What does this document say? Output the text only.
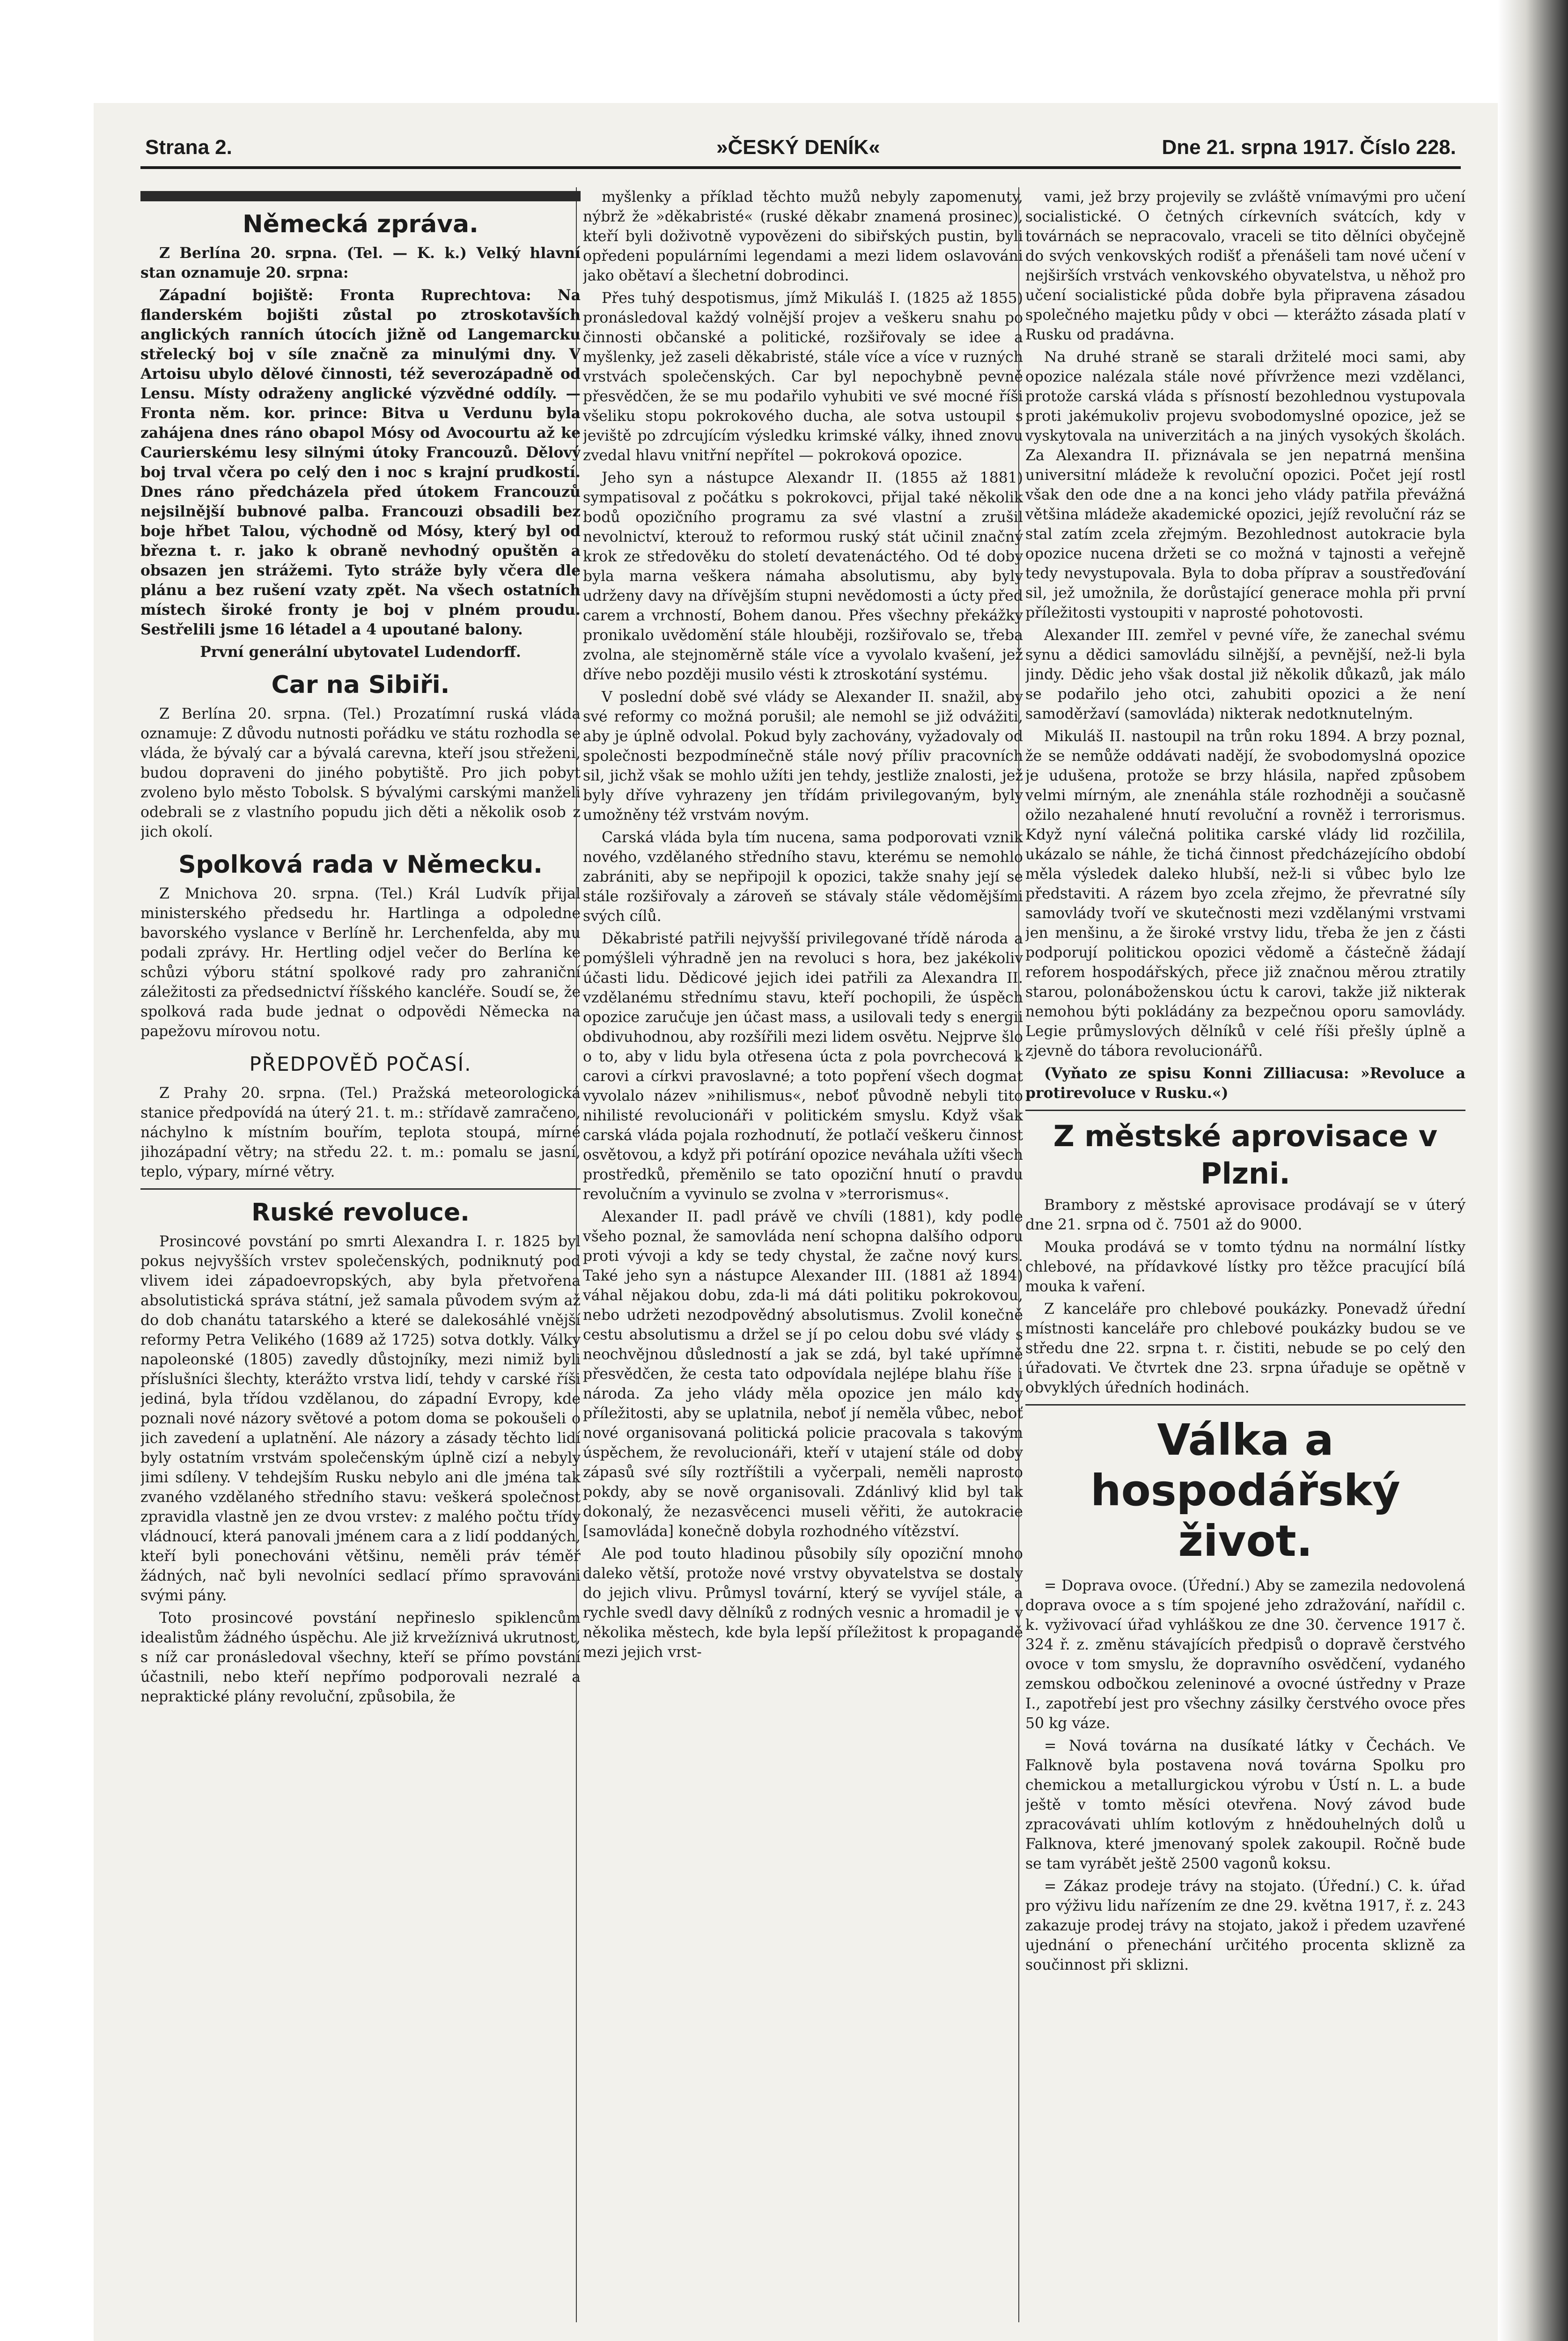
Strana 2.	»ČESKÝ DENÍK«	Dne 21. srpna 1917. Číslo 228.
Německá zpráva.

Z Berlína 20. srpna. (Tel. — K. k.) Velký hlavní stan oznamuje 20. srpna:

Západní bojiště: Fronta Ruprechtova: Na flanderském bojišti zůstal po ztroskotavších anglických ranních útocích jižně od Langemarcku střelecký boj v síle značně za minulými dny. V Artoisu ubylo dělové činnosti, též severozápadně od Lensu. Místy odraženy anglické výzvědné oddíly. — Fronta něm. kor. prince: Bitva u Verdunu byla zahájena dnes ráno obapol Mósy od Avocourtu až ke Caurierskému lesy silnými útoky Francouzů. Dělový boj trval včera po celý den i noc s krajní prudkostí. Dnes ráno předcházela před útokem Francouzů nejsilnější bubnové palba. Francouzi obsadili bez boje hřbet Talou, východně od Mósy, který byl od března t. r. jako k obraně nevhodný opuštěn a obsazen jen strážemi. Tyto stráže byly včera dle plánu a bez rušení vzaty zpět. Na všech ostatních místech široké fronty je boj v plném proudu. Sestřelili jsme 16 létadel a 4 upoutané balony.

První generální ubytovatel Ludendorff.

Car na Sibiři.

Z Berlína 20. srpna. (Tel.) Prozatímní ruská vláda oznamuje: Z důvodu nutnosti pořádku ve státu rozhodla se vláda, že bývalý car a bývalá carevna, kteří jsou střeženi, budou dopraveni do jiného pobytiště. Pro jich pobyt zvoleno bylo město Tobolsk. S bývalými carskými manželi odebrali se z vlastního popudu jich děti a několik osob z jich okolí.

Spolková rada v Německu.

Z Mnichova 20. srpna. (Tel.) Král Ludvík přijal ministerského předsedu hr. Hartlinga a odpoledne bavorského vyslance v Berlíně hr. Lerchenfelda, aby mu podali zprávy. Hr. Hertling odjel večer do Berlína ke schůzi výboru státní spolkové rady pro zahraniční záležitosti za předsednictví říšského kancléře. Soudí se, že spolková rada bude jednat o odpovědi Německa na papežovu mírovou notu.

PŘEDPOVĚĎ POČASÍ.

Z Prahy 20. srpna. (Tel.) Pražská meteorologická stanice předpovídá na úterý 21. t. m.: střídavě zamračeno, náchylno k místním bouřím, teplota stoupá, mírné jihozápadní větry; na středu 22. t. m.: pomalu se jasní, teplo, výpary, mírné větry.

Ruské revoluce.

Prosincové povstání po smrti Alexandra I. r. 1825 byl pokus nejvyšších vrstev společenských, podniknutý pod vlivem idei západoevropských, aby byla přetvořena absolutistická správa státní, jež samala původem svým až do dob chanátu tatarského a které se dalekosáhlé vnější reformy Petra Velikého (1689 až 1725) sotva dotkly. Války napoleonské (1805) zavedly důstojníky, mezi nimiž byli příslušníci šlechty, kterážto vrstva lidí, tehdy v carské říši jediná, byla třídou vzdělanou, do západní Evropy, kde poznali nové názory světové a potom doma se pokoušeli o jich zavedení a uplatnění. Ale názory a zásady těchto lidí byly ostatním vrstvám společenským úplně cizí a nebyly jimi sdíleny. V tehdejším Rusku nebylo ani dle jména tak zvaného vzdělaného středního stavu: veškerá společnost zpravidla vlastně jen ze dvou vrstev: z malého počtu třídy vládnoucí, která panovali jménem cara a z lidí poddaných, kteří byli ponechováni většinu, neměli práv téměř žádných, nač byli nevolníci sedlací přímo spravováni svými pány.

Toto prosincové povstání nepřineslo spiklencům idealistům žádného úspěchu. Ale již krvežíznivá ukrutnost, s níž car pronásledoval všechny, kteří se přímo povstání účastnili, nebo kteří nepřímo podporovali nezralé a nepraktické plány revoluční, způsobila, že

myšlenky a příklad těchto mužů nebyly zapomenuty, nýbrž že »děkabristé« (ruské děkabr znamená prosinec), kteří byli doživotně vypovězeni do sibiřských pustin, byli opředeni populárními legendami a mezi lidem oslavováni jako obětaví a šlechetní dobrodinci.

Přes tuhý despotismus, jímž Mikuláš I. (1825 až 1855) pronásledoval každý volnější projev a veškeru snahu po činnosti občanské a politické, rozšiřovaly se idee a myšlenky, jež zaseli děkabristé, stále více a více v ruzných vrstvách společenských. Car byl nepochybně pevně přesvědčen, že se mu podařilo vyhubiti ve své mocné říši všeliku stopu pokrokového ducha, ale sotva ustoupil s jeviště po zdrcujícím výsledku krimské války, ihned znovu zvedal hlavu vnitřní nepřítel — pokroková opozice.

Jeho syn a nástupce Alexandr II. (1855 až 1881) sympatisoval z počátku s pokrokovci, přijal také několik bodů opozičního programu za své vlastní a zrušil nevolnictví, kterouž to reformou ruský stát učinil značný krok ze středověku do století devatenáctého. Od té doby byla marna veškera námaha absolutismu, aby byly udrženy davy na dřívějším stupni nevědomosti a úcty před carem a vrchností, Bohem danou. Přes všechny překážky pronikalo uvědomění stále hlouběji, rozšiřovalo se, třeba zvolna, ale stejnoměrně stále více a vyvolalo kvašení, jež dříve nebo později musilo vésti k ztroskotání systému.

V poslední době své vlády se Alexander II. snažil, aby své reformy co možná porušil; ale nemohl se již odvážiti, aby je úplně odvolal. Pokud byly zachovány, vyžadovaly od společnosti bezpodmínečně stále nový příliv pracovních sil, jichž však se mohlo užíti jen tehdy, jestliže znalosti, jež byly dříve vyhrazeny jen třídám privilegovaným, byly umožněny též vrstvám novým.

Carská vláda byla tím nucena, sama podporovati vznik nového, vzdělaného středního stavu, kterému se nemohlo zabrániti, aby se nepřipojil k opozici, takže snahy její se stále rozšiřovaly a zároveň se stávaly stále vědomějšími svých cílů.

Děkabristé patřili nejvyšší privilegované třídě národa a pomýšleli výhradně jen na revoluci s hora, bez jakékoliv účasti lidu. Dědicové jejich idei patřili za Alexandra II. vzdělanému střednímu stavu, kteří pochopili, že úspěch opozice zaručuje jen účast mass, a usilovali tedy s energii obdivuhodnou, aby rozšířili mezi lidem osvětu. Nejprve šlo o to, aby v lidu byla otřesena úcta z pola povrchecová k carovi a církvi pravoslavné; a toto popření všech dogmat vyvolalo název »nihilismus«, neboť původně nebyli tito nihilisté revolucionáři v politickém smyslu. Když však carská vláda pojala rozhodnutí, že potlačí veškeru činnost osvětovou, a když při potírání opozice neváhala užíti všech prostředků, přeměnilo se tato opoziční hnutí o pravdu revolučním a vyvinulo se zvolna v »terrorismus«.

Alexander II. padl právě ve chvíli (1881), kdy podle všeho poznal, že samovláda není schopna dalšího odporu proti vývoji a kdy se tedy chystal, že začne nový kurs. Také jeho syn a nástupce Alexander III. (1881 až 1894) váhal nějakou dobu, zda-li má dáti politiku pokrokovou, nebo udržeti nezodpovědný absolutismus. Zvolil konečně cestu absolutismu a držel se jí po celou dobu své vlády s neochvějnou důsledností a jak se zdá, byl také upřímně přesvědčen, že cesta tato odpovídala nejlépe blahu říše i národa. Za jeho vlády měla opozice jen málo kdy příležitosti, aby se uplatnila, neboť jí neměla vůbec, neboť nové organisovaná politická policie pracovala s takovým úspěchem, že revolucionáři, kteří v utajení stále od doby zápasů své síly roztříštili a vyčerpali, neměli naprosto pokdy, aby se nově organisovali. Zdánlivý klid byl tak dokonalý, že nezasvěcenci museli věřiti, že autokracie [samovláda] konečně dobyla rozhodného vítězství.

Ale pod touto hladinou působily síly opoziční mnoho daleko větší, protože nové vrstvy obyvatelstva se dostaly do jejich vlivu. Průmysl tovární, který se vyvíjel stále, a rychle svedl davy dělníků z rodných vesnic a hromadil je v několika městech, kde byla lepší příležitost k propagandě mezi jejich vrst-

vami, jež brzy projevily se zvláště vnímavými pro učení socialistické. O četných církevních svátcích, kdy v továrnách se nepracovalo, vraceli se tito dělníci obyčejně do svých venkovských rodišť a přenášeli tam nové učení v nejširších vrstvách venkovského obyvatelstva, u něhož pro učení socialistické půda dobře byla připravena zásadou společného majetku půdy v obci — kterážto zásada platí v Rusku od pradávna.

Na druhé straně se starali držitelé moci sami, aby opozice nalézala stále nové přívržence mezi vzdělanci, protože carská vláda s přísností bezohlednou vystupovala proti jakémukoliv projevu svobodomyslné opozice, jež se vyskytovala na univerzitách a na jiných vysokých školách. Za Alexandra II. přiznávala se jen nepatrná menšina universitní mládeže k revoluční opozici. Počet její rostl však den ode dne a na konci jeho vlády patřila převážná většina mládeže akademické opozici, jejíž revoluční ráz se stal zatím zcela zřejmým. Bezohlednost autokracie byla opozice nucena držeti se co možná v tajnosti a veřejně tedy nevystupovala. Byla to doba příprav a soustřeďování sil, jež umožnila, že dorůstající generace mohla při první příležitosti vystoupiti v naprosté pohotovosti.

Alexander III. zemřel v pevné víře, že zanechal svému synu a dědici samovládu silnější, a pevnější, než-li byla jindy. Dědic jeho však dostal již několik důkazů, jak málo se podařilo jeho otci, zahubiti opozici a že není samoděržaví (samovláda) nikterak nedotknutelným.

Mikuláš II. nastoupil na trůn roku 1894. A brzy poznal, že se nemůže oddávati nadějí, že svobodomyslná opozice je udušena, protože se brzy hlásila, napřed způsobem velmi mírným, ale znenáhla stále rozhodněji a současně ožilo nezahalené hnutí revoluční a rovněž i terrorismus. Když nyní válečná politika carské vlády lid rozčilila, ukázalo se náhle, že tichá činnost předcházejícího období měla výsledek daleko hlubší, než-li si vůbec bylo lze představiti. A rázem byo zcela zřejmo, že převratné síly samovlády tvoří ve skutečnosti mezi vzdělanými vrstvami jen menšinu, a že široké vrstvy lidu, třeba že jen z části podporují politickou opozici vědomě a částečně žádají reforem hospodářských, přece již značnou měrou ztratily starou, polonáboženskou úctu k carovi, takže již nikterak nemohou býti pokládány za bezpečnou oporu samovlády. Legie průmyslových dělníků v celé říši přešly úplně a zjevně do tábora revolucionářů.

(Vyňato ze spisu Konni Zilliacusa: »Revoluce a protirevoluce v Rusku.«)

Z městské aprovisace v Plzni.

Brambory z městské aprovisace prodávají se v úterý dne 21. srpna od č. 7501 až do 9000.

Mouka prodává se v tomto týdnu na normální lístky chlebové, na přídavkové lístky pro těžce pracující bílá mouka k vaření.

Z kanceláře pro chlebové poukázky. Ponevadž úřední místnosti kanceláře pro chlebové poukázky budou se ve středu dne 22. srpna t. r. čistiti, nebude se po celý den úřadovati. Ve čtvrtek dne 23. srpna úřaduje se opětně v obvyklých úředních hodinách.

Válka a hospodářský život.

= Doprava ovoce. (Úřední.) Aby se zamezila nedovolená doprava ovoce a s tím spojené jeho zdražování, nařídil c. k. vyživovací úřad vyhláškou ze dne 30. července 1917 č. 324 ř. z. změnu stávajících předpisů o dopravě čerstvého ovoce v tom smyslu, že dopravního osvědčení, vydaného zemskou odbočkou zeleninové a ovocné ústředny v Praze I., zapotřebí jest pro všechny zásilky čerstvého ovoce přes 50 kg váze.

= Nová továrna na dusíkaté látky v Čechách. Ve Falknově byla postavena nová továrna Spolku pro chemickou a metallurgickou výrobu v Ústí n. L. a bude ještě v tomto měsíci otevřena. Nový závod bude zpracovávati uhlím kotlovým z hnědouhelných dolů u Falknova, které jmenovaný spolek zakoupil. Ročně bude se tam vyrábět ještě 2500 vagonů koksu.

= Zákaz prodeje trávy na stojato. (Úřední.) C. k. úřad pro výživu lidu nařízením ze dne 29. května 1917, ř. z. 243 zakazuje prodej trávy na stojato, jakož i předem uzavřené ujednání o přenechání určitého procenta sklizně za součinnost při sklizni.
